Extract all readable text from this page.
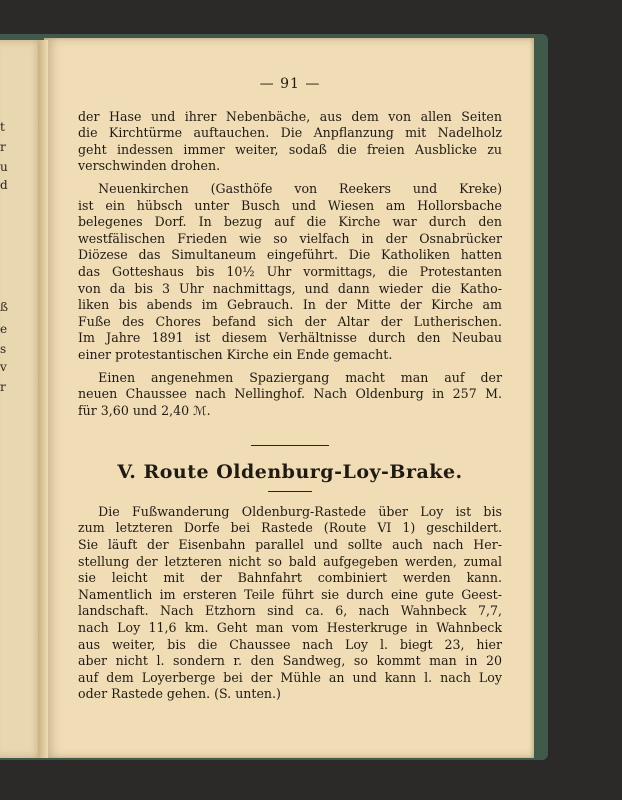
t
r
u
d
ß
e
s
v
r
— 91 —

der Hase und ihrer Nebenbäche, aus dem von allen Seiten
die Kirchtürme auftauchen. Die Anpflanzung mit Nadelholz
geht indessen immer weiter, sodaß die freien Ausblicke zu
verschwinden drohen.

Neuenkirchen (Gasthöfe von Reekers und Kreke)
ist ein hübsch unter Busch und Wiesen am Hollorsbache
belegenes Dorf. In bezug auf die Kirche war durch den
westfälischen Frieden wie so vielfach in der Osnabrücker
Diözese das Simultaneum eingeführt. Die Katholiken hatten
das Gotteshaus bis 10½ Uhr vormittags, die Protestanten
von da bis 3 Uhr nachmittags, und dann wieder die Katho-
liken bis abends im Gebrauch. In der Mitte der Kirche am
Fuße des Chores befand sich der Altar der Lutherischen.
Im Jahre 1891 ist diesem Verhältnisse durch den Neubau
einer protestantischen Kirche ein Ende gemacht.

Einen angenehmen Spaziergang macht man auf der
neuen Chaussee nach Nellinghof. Nach Oldenburg in 257 M.
für 3,60 und 2,40 ℳ.

V. Route Oldenburg-Loy-Brake.

Die Fußwanderung Oldenburg-Rastede über Loy ist bis
zum letzteren Dorfe bei Rastede (Route VI 1) geschildert.
Sie läuft der Eisenbahn parallel und sollte auch nach Her-
stellung der letzteren nicht so bald aufgegeben werden, zumal
sie leicht mit der Bahnfahrt combiniert werden kann.
Namentlich im ersteren Teile führt sie durch eine gute Geest-
landschaft. Nach Etzhorn sind ca. 6, nach Wahnbeck 7,7,
nach Loy 11,6 km. Geht man vom Hesterkruge in Wahnbeck
aus weiter, bis die Chaussee nach Loy l. biegt 23, hier
aber nicht l. sondern r. den Sandweg, so kommt man in 20
auf dem Loyerberge bei der Mühle an und kann l. nach Loy
oder Rastede gehen. (S. unten.)
